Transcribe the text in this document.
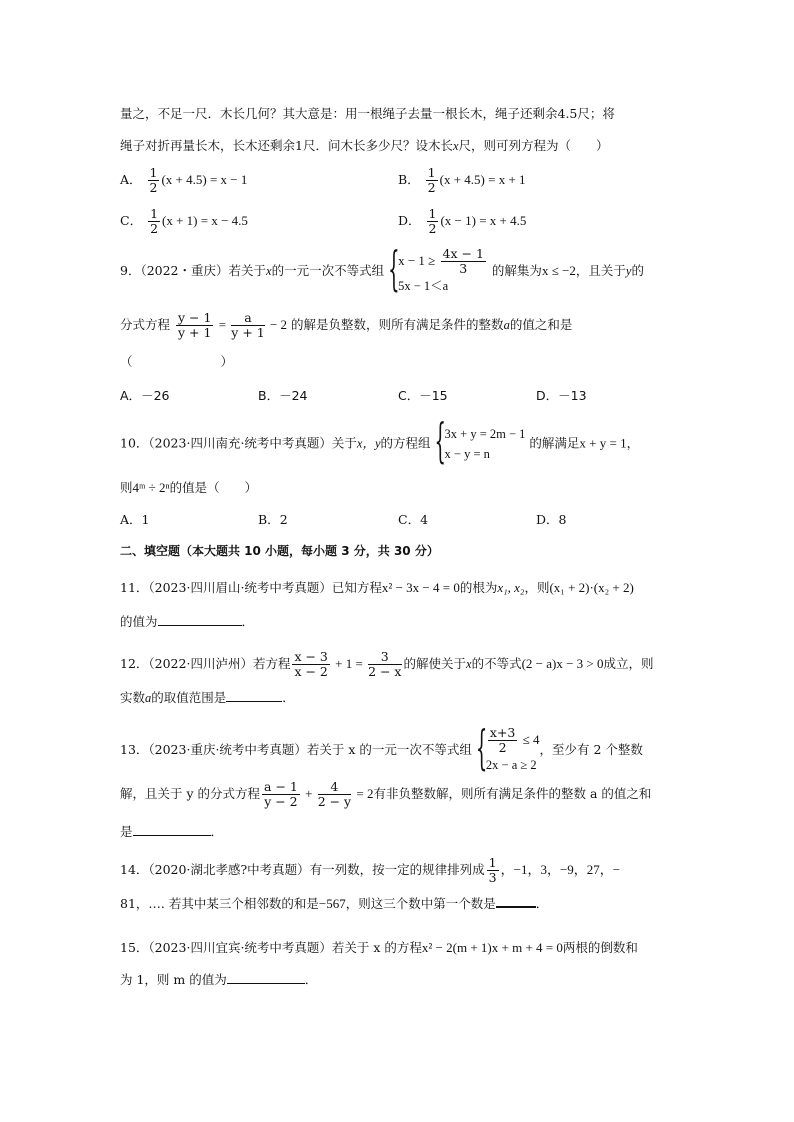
量之，不足一尺．木长几何？其大意是：用一根绳子去量一根长木，绳子还剩余4.5尺；将
绳子对折再量长木，长木还剩余1尺．问木长多少尺？设木长x尺，则可列方程为（　　）
A． $\frac{1}{2} (x + 4.5) = x - 1$	B． $\frac{1}{2} (x + 4.5) = x + 1$
C． $\frac{1}{2} (x + 1) = x - 4.5$	D． $\frac{1}{2} (x - 1) = x + 4.5$
9．（2022・重庆）若关于x的一元一次不等式组 {
$x - 1 \ge \frac{4x - 1}{3}$
5x − 1＜a
的解集为x ≤ −2，且关于y的
分式方程 $\frac{y - 1}{y + 1} = \frac{a}{y + 1} - 2$ 的解是负整数，则所有满足条件的整数a的值之和是
（	）
A．－26	B．－24	C．－15	D．－13
10．（2023·四川南充·统考中考真题）关于x，y的方程组 {
3x + y = 2m − 1
x − y = n
的解满足x + y = 1，
则4ᵐ ÷ 2ⁿ的值是（　　）
A．1	B．2	C．4	D．8
二、填空题（本大题共 10 小题，每小题 3 分，共 30 分）
11．（2023·四川眉山·统考中考真题）已知方程x² − 3x − 4 = 0的根为x₁, x₂，则(x₁ + 2)·(x₂ + 2)
的值为	．
12．（2022·四川泸州）若方程 $\frac{x - 3}{x - 2} + 1 = \frac{3}{2 - x}$ 的解使关于x的不等式(2 − a)x − 3 > 0成立，则
实数a的取值范围是	．
13．（2023·重庆·统考中考真题）若关于 x 的一元一次不等式组 { $\frac{x+3}{2} \le 4$
2x − a ≥ 2
，至少有 2 个整数
解，且关于 y 的分式方程 $\frac{a - 1}{y - 2} + \frac{4}{2 - y} = 2$有非负整数解，则所有满足条件的整数 a 的值之和
是	．
14．（2020·湖北孝感?中考真题）有一列数，按一定的规律排列成 $\frac{1}{3}$ ，−1，3，−9，27，−
81，…. 若其中某三个相邻数的和是−567，则这三个数中第一个数是	．
15．（2023·四川宜宾·统考中考真题）若关于 x 的方程x² − 2(m + 1)x + m + 4 = 0两根的倒数和
为 1，则 m 的值为	．
